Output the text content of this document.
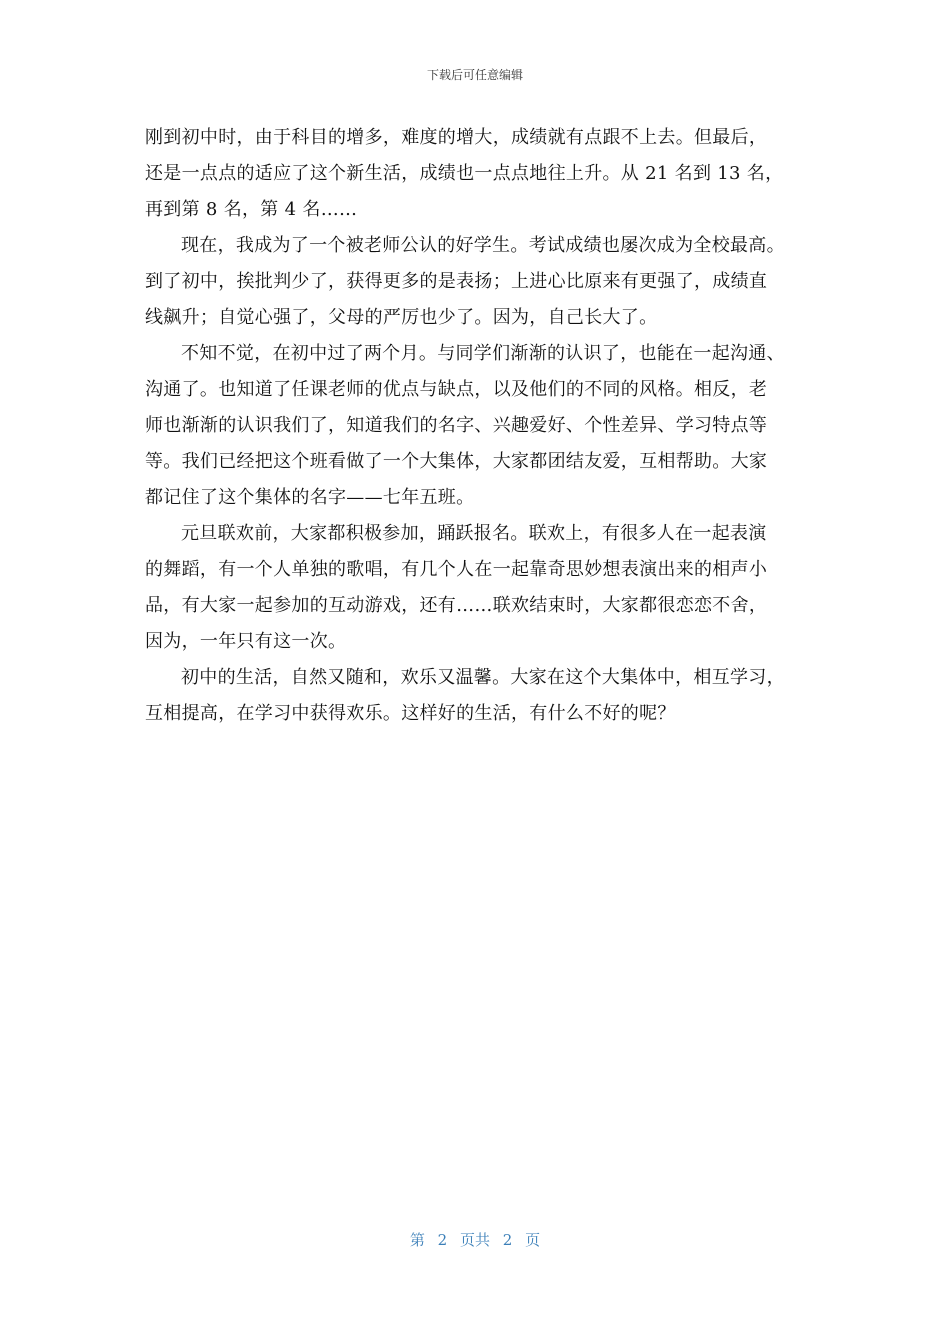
下载后可任意编辑
刚到初中时，由于科目的增多，难度的增大，成绩就有点跟不上去。但最后，
还是一点点的适应了这个新生活，成绩也一点点地往上升。从 21 名到 13 名，
再到第 8 名，第 4 名……
现在，我成为了一个被老师公认的好学生。考试成绩也屡次成为全校最高。
到了初中，挨批判少了，获得更多的是表扬；上进心比原来有更强了，成绩直
线飙升；自觉心强了，父母的严厉也少了。因为，自己长大了。
不知不觉，在初中过了两个月。与同学们渐渐的认识了，也能在一起沟通、
沟通了。也知道了任课老师的优点与缺点，以及他们的不同的风格。相反，老
师也渐渐的认识我们了，知道我们的名字、兴趣爱好、个性差异、学习特点等
等。我们已经把这个班看做了一个大集体，大家都团结友爱，互相帮助。大家
都记住了这个集体的名字——七年五班。
元旦联欢前，大家都积极参加，踊跃报名。联欢上，有很多人在一起表演
的舞蹈，有一个人单独的歌唱，有几个人在一起靠奇思妙想表演出来的相声小
品，有大家一起参加的互动游戏，还有……联欢结束时，大家都很恋恋不舍，
因为，一年只有这一次。
初中的生活，自然又随和，欢乐又温馨。大家在这个大集体中，相互学习，
互相提高，在学习中获得欢乐。这样好的生活，有什么不好的呢？
第 2 页共 2 页
